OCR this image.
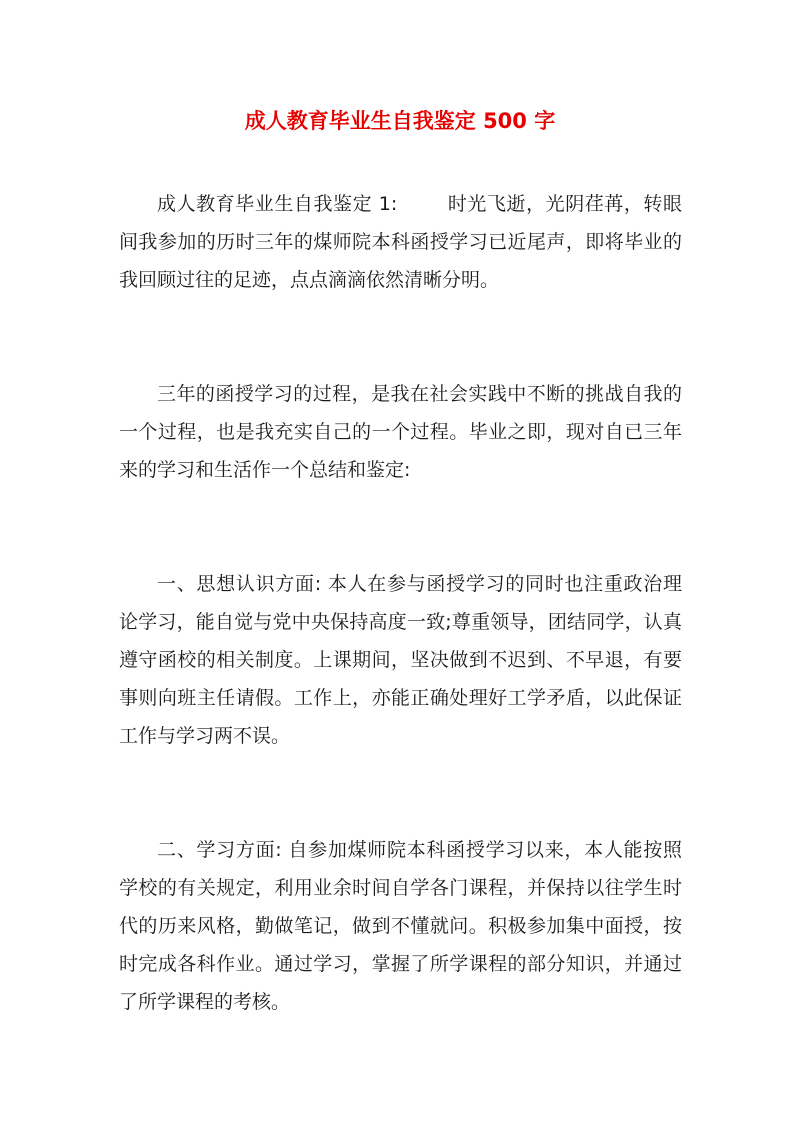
成人教育毕业生自我鉴定 500 字

成人教育毕业生自我鉴定 1:	时光飞逝，光阴荏苒，转眼间我参加的历时三年的煤师院本科函授学习已近尾声，即将毕业的我回顾过往的足迹，点点滴滴依然清晰分明。

三年的函授学习的过程，是我在社会实践中不断的挑战自我的一个过程，也是我充实自己的一个过程。毕业之即，现对自已三年来的学习和生活作一个总结和鉴定:

一、思想认识方面: 本人在参与函授学习的同时也注重政治理论学习，能自觉与党中央保持高度一致;尊重领导，团结同学，认真遵守函校的相关制度。上课期间，坚决做到不迟到、不早退，有要事则向班主任请假。工作上，亦能正确处理好工学矛盾，以此保证工作与学习两不误。

二、学习方面: 自参加煤师院本科函授学习以来，本人能按照学校的有关规定，利用业余时间自学各门课程，并保持以往学生时代的历来风格，勤做笔记，做到不懂就问。积极参加集中面授，按时完成各科作业。通过学习，掌握了所学课程的部分知识，并通过了所学课程的考核。
